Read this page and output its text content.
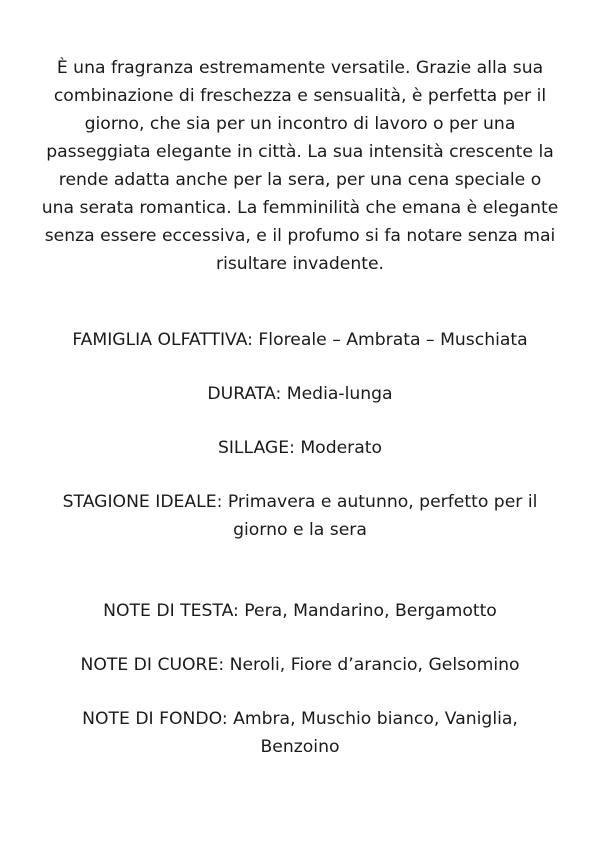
È una fragranza estremamente versatile. Grazie alla sua combinazione di freschezza e sensualità, è perfetta per il giorno, che sia per un incontro di lavoro o per una passeggiata elegante in città. La sua intensità crescente la rende adatta anche per la sera, per una cena speciale o una serata romantica. La femminilità che emana è elegante senza essere eccessiva, e il profumo si fa notare senza mai risultare invadente.

FAMIGLIA OLFATTIVA: Floreale – Ambrata – Muschiata

DURATA: Media-lunga

SILLAGE: Moderato

STAGIONE IDEALE: Primavera e autunno, perfetto per il

giorno e la sera

NOTE DI TESTA: Pera, Mandarino, Bergamotto

NOTE DI CUORE: Neroli, Fiore d’arancio, Gelsomino

NOTE DI FONDO: Ambra, Muschio bianco, Vaniglia,

Benzoino
